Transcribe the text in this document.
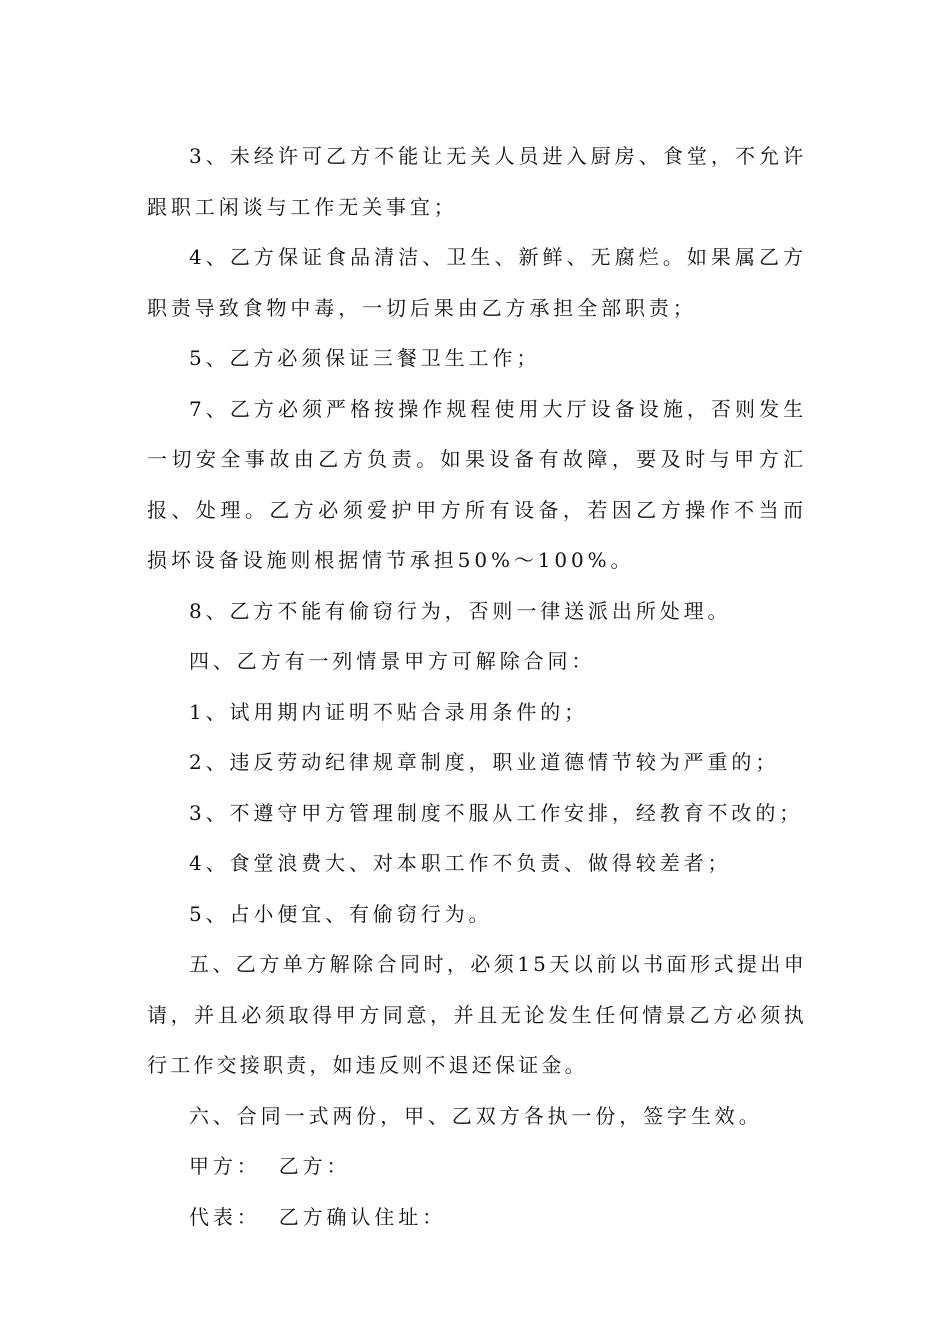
3、未经许可乙方不能让无关人员进入厨房、食堂，不允许跟职工闲谈与工作无关事宜；

4、乙方保证食品清洁、卫生、新鲜、无腐烂。如果属乙方职责导致食物中毒，一切后果由乙方承担全部职责；

5、乙方必须保证三餐卫生工作；

7、乙方必须严格按操作规程使用大厅设备设施，否则发生一切安全事故由乙方负责。如果设备有故障，要及时与甲方汇报、处理。乙方必须爱护甲方所有设备，若因乙方操作不当而损坏设备设施则根据情节承担50%～100%。

8、乙方不能有偷窃行为，否则一律送派出所处理。

四、乙方有一列情景甲方可解除合同：

1、试用期内证明不贴合录用条件的；

2、违反劳动纪律规章制度，职业道德情节较为严重的；

3、不遵守甲方管理制度不服从工作安排，经教育不改的；

4、食堂浪费大、对本职工作不负责、做得较差者；

5、占小便宜、有偷窃行为。

五、乙方单方解除合同时，必须15天以前以书面形式提出申请，并且必须取得甲方同意，并且无论发生任何情景乙方必须执行工作交接职责，如违反则不退还保证金。

六、合同一式两份，甲、乙双方各执一份，签字生效。

甲方： 乙方：

代表： 乙方确认住址：
